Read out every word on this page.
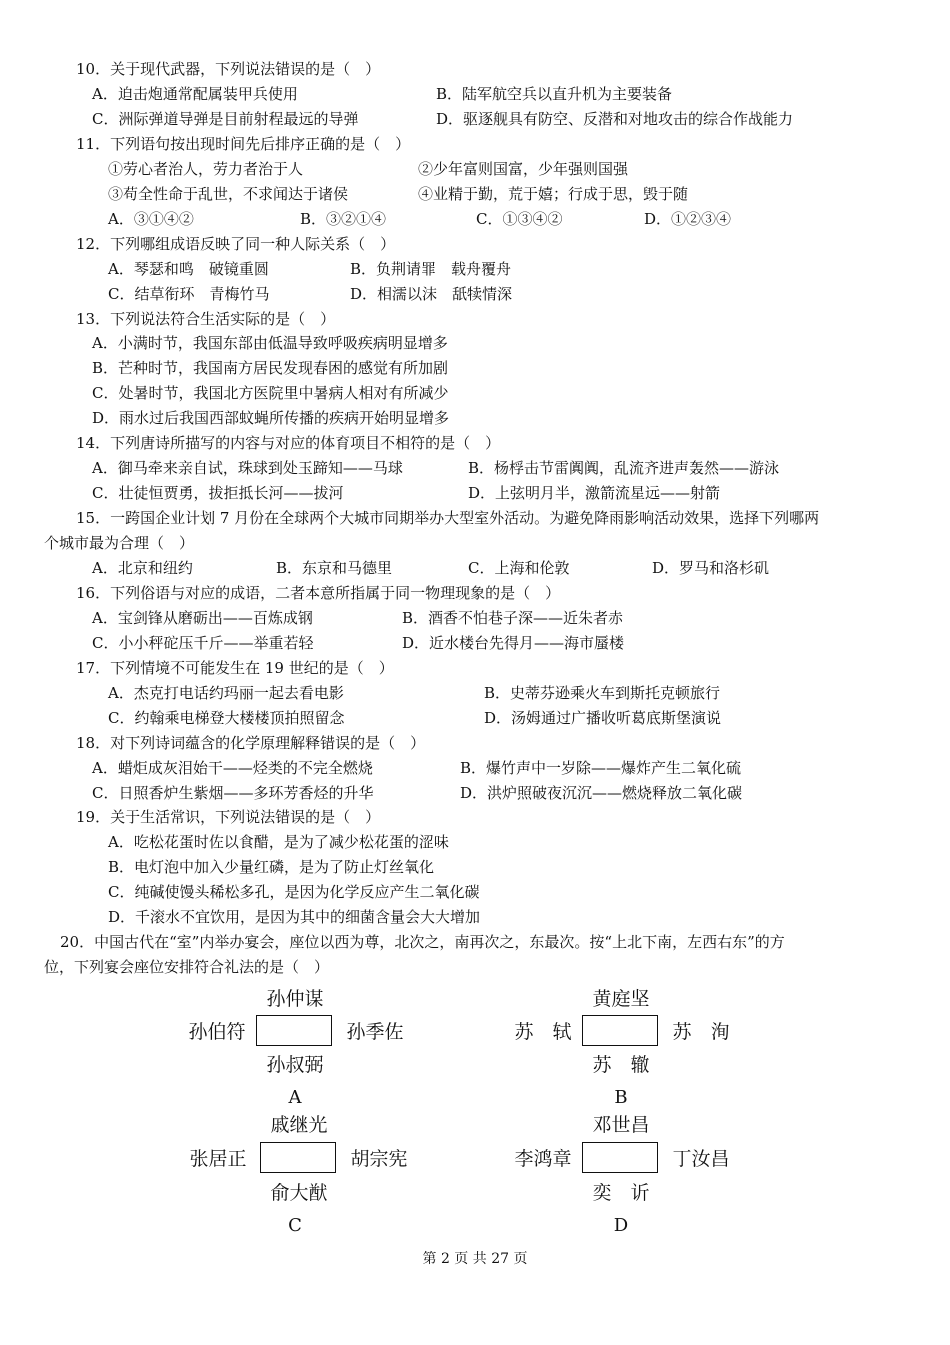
10．关于现代武器，下列说法错误的是（　）
A．迫击炮通常配属装甲兵使用	B．陆军航空兵以直升机为主要装备
C．洲际弹道导弹是目前射程最远的导弹	D．驱逐舰具有防空、反潜和对地攻击的综合作战能力
11．下列语句按出现时间先后排序正确的是（　）
①劳心者治人，劳力者治于人	②少年富则国富，少年强则国强
③苟全性命于乱世，不求闻达于诸侯	④业精于勤，荒于嬉；行成于思，毁于随
A．③①④②	B．③②①④	C．①③④②	D．①②③④
12．下列哪组成语反映了同一种人际关系（　）
A．琴瑟和鸣　破镜重圆	B．负荆请罪　载舟覆舟
C．结草衔环　青梅竹马	D．相濡以沫　舐犊情深
13．下列说法符合生活实际的是（　）
A．小满时节，我国东部由低温导致呼吸疾病明显增多
B．芒种时节，我国南方居民发现春困的感觉有所加剧
C．处暑时节，我国北方医院里中暑病人相对有所减少
D．雨水过后我国西部蚊蝇所传播的疾病开始明显增多
14．下列唐诗所描写的内容与对应的体育项目不相符的是（　）
A．御马牵来亲自试，珠球到处玉蹄知——马球	B．杨桴击节雷阗阗，乱流齐进声轰然——游泳
C．壮徒恒贾勇，拔拒抵长河——拔河	D．上弦明月半，激箭流星远——射箭
15．一跨国企业计划 7 月份在全球两个大城市同期举办大型室外活动。为避免降雨影响活动效果，选择下列哪两
个城市最为合理（　）
A．北京和纽约	B．东京和马德里	C．上海和伦敦	D．罗马和洛杉矶
16．下列俗语与对应的成语，二者本意所指属于同一物理现象的是（　）
A．宝剑锋从磨砺出——百炼成钢	B．酒香不怕巷子深——近朱者赤
C．小小秤砣压千斤——举重若轻	D．近水楼台先得月——海市蜃楼
17．下列情境不可能发生在 19 世纪的是（　）
A．杰克打电话约玛丽一起去看电影	B．史蒂芬逊乘火车到斯托克顿旅行
C．约翰乘电梯登大楼楼顶拍照留念	D．汤姆通过广播收听葛底斯堡演说
18．对下列诗词蕴含的化学原理解释错误的是（　）
A．蜡炬成灰泪始干——烃类的不完全燃烧	B．爆竹声中一岁除——爆炸产生二氧化硫
C．日照香炉生紫烟——多环芳香烃的升华	D．洪炉照破夜沉沉——燃烧释放二氧化碳
19．关于生活常识，下列说法错误的是（　）
A．吃松花蛋时佐以食醋，是为了减少松花蛋的涩味
B．电灯泡中加入少量红磷，是为了防止灯丝氧化
C．纯碱使馒头稀松多孔，是因为化学反应产生二氧化碳
D．千滚水不宜饮用，是因为其中的细菌含量会大大增加
20．中国古代在“室”内举办宴会，座位以西为尊，北次之，南再次之，东最次。按“上北下南，左西右东”的方
位，下列宴会座位安排符合礼法的是（　）
孙仲谋
孙伯符	孙季佐
孙叔弼
A
黄庭坚
苏　轼	苏　洵
苏　辙
B
戚继光
张居正	胡宗宪
俞大猷
C
邓世昌
李鸿章	丁汝昌
奕　䜣
D
第 2 页 共 27 页
